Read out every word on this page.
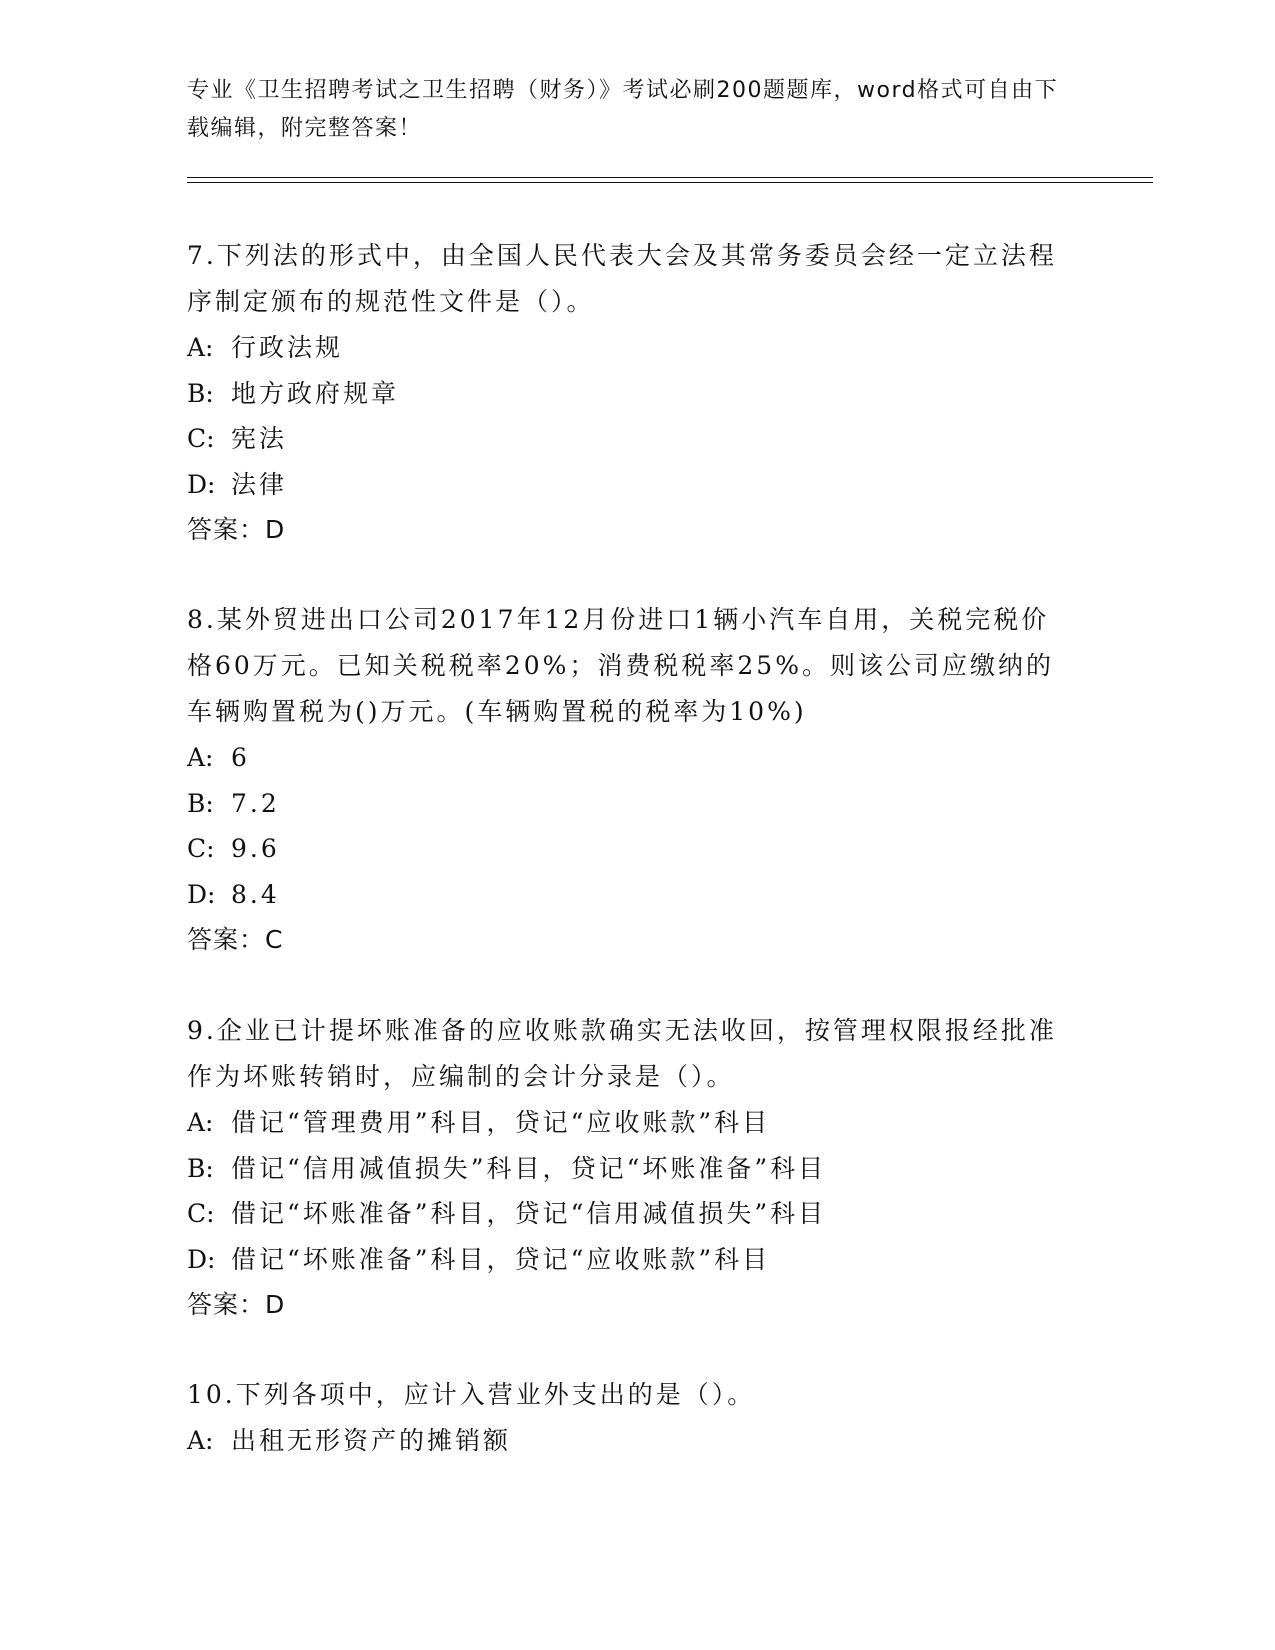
专业《卫生招聘考试之卫生招聘（财务）》考试必刷200题题库，word格式可自由下载编辑，附完整答案！
7.下列法的形式中，由全国人民代表大会及其常务委员会经一定立法程序制定颁布的规范性文件是（）。
A: 行政法规
B: 地方政府规章
C: 宪法
D: 法律
答案：D
8.某外贸进出口公司2017年12月份进口1辆小汽车自用，关税完税价格60万元。已知关税税率20%；消费税税率25%。则该公司应缴纳的车辆购置税为()万元。(车辆购置税的税率为10%)
A: 6
B: 7.2
C: 9.6
D: 8.4
答案：C
9.企业已计提坏账准备的应收账款确实无法收回，按管理权限报经批准作为坏账转销时，应编制的会计分录是（）。
A: 借记“管理费用”科目，贷记“应收账款”科目
B: 借记“信用减值损失”科目，贷记“坏账准备”科目
C: 借记“坏账准备”科目，贷记“信用减值损失”科目
D: 借记“坏账准备”科目，贷记“应收账款”科目
答案：D
10.下列各项中，应计入营业外支出的是（）。
A: 出租无形资产的摊销额
